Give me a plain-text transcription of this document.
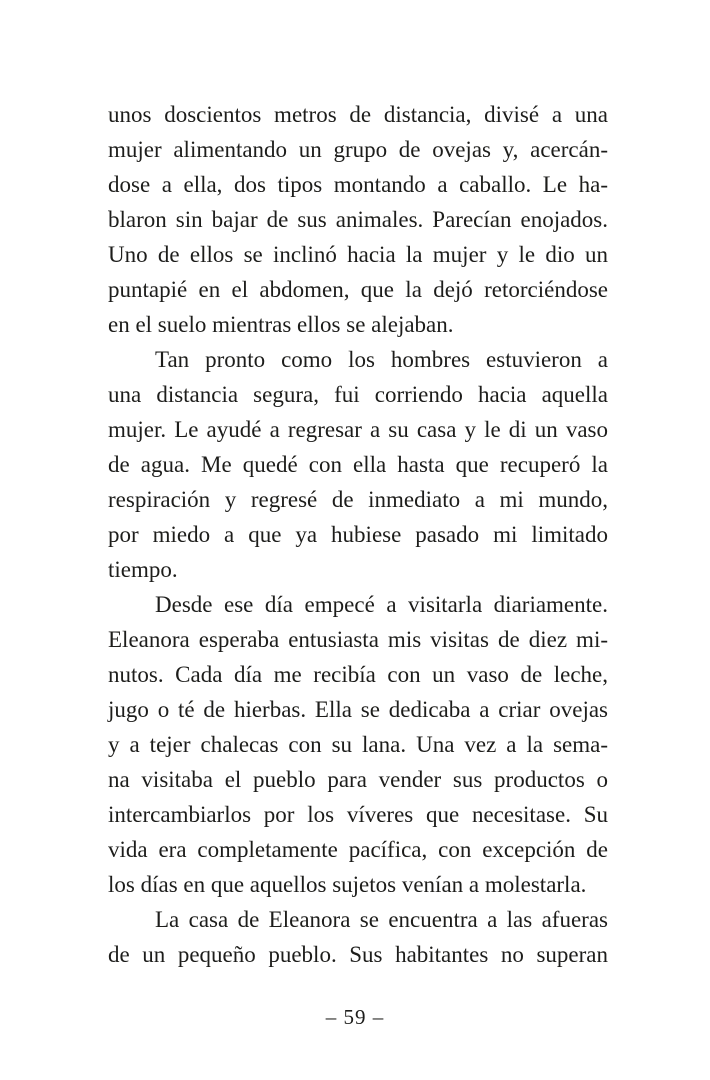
unos doscientos metros de distancia, divisé a una
mujer alimentando un grupo de ovejas y, acercán-
dose a ella, dos tipos montando a caballo. Le ha-
blaron sin bajar de sus animales. Parecían enojados.
Uno de ellos se inclinó hacia la mujer y le dio un
puntapié en el abdomen, que la dejó retorciéndose
en el suelo mientras ellos se alejaban.
Tan pronto como los hombres estuvieron a
una distancia segura, fui corriendo hacia aquella
mujer. Le ayudé a regresar a su casa y le di un vaso
de agua. Me quedé con ella hasta que recuperó la
respiración y regresé de inmediato a mi mundo,
por miedo a que ya hubiese pasado mi limitado
tiempo.
Desde ese día empecé a visitarla diariamente.
Eleanora esperaba entusiasta mis visitas de diez mi-
nutos. Cada día me recibía con un vaso de leche,
jugo o té de hierbas. Ella se dedicaba a criar ovejas
y a tejer chalecas con su lana. Una vez a la sema-
na visitaba el pueblo para vender sus productos o
intercambiarlos por los víveres que necesitase. Su
vida era completamente pacífica, con excepción de
los días en que aquellos sujetos venían a molestarla.
La casa de Eleanora se encuentra a las afueras
de un pequeño pueblo. Sus habitantes no superan
– 59 –
